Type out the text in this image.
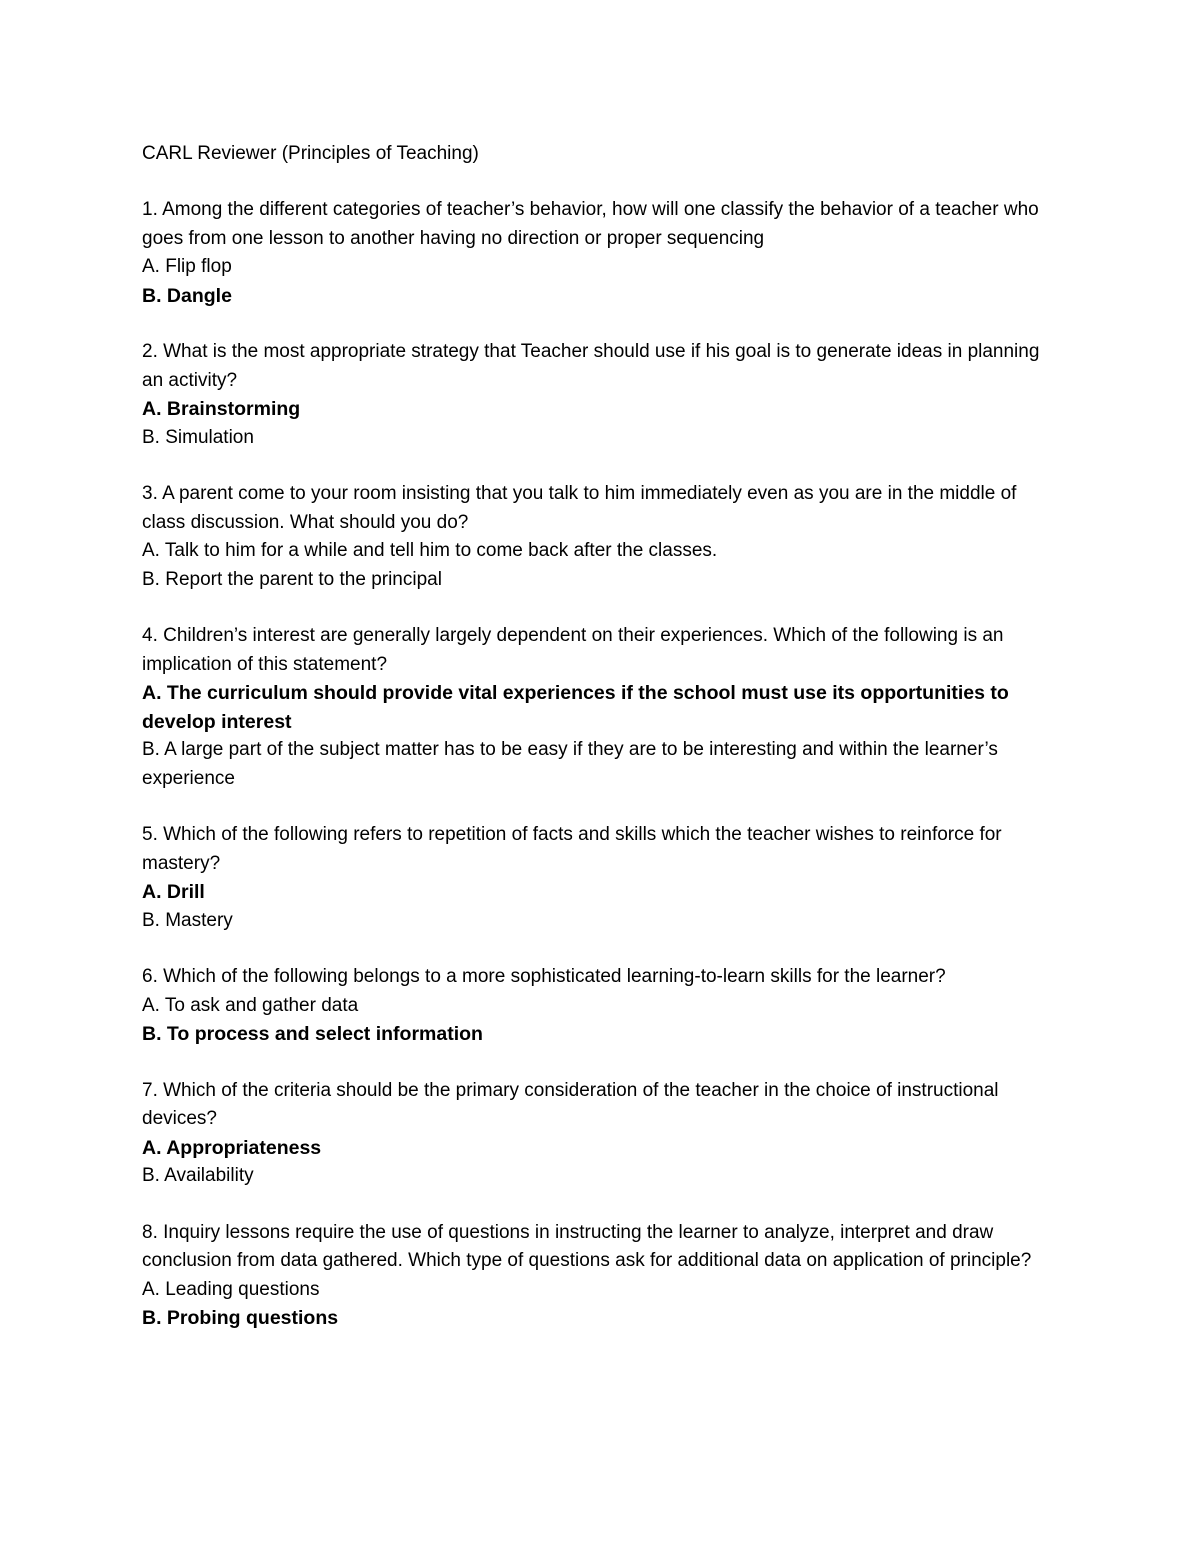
CARL Reviewer (Principles of Teaching)

1. Among the different categories of teacher’s behavior, how will one classify the behavior of a teacher who goes from one lesson to another having no direction or proper sequencing

A. Flip flop

B. Dangle

2. What is the most appropriate strategy that Teacher should use if his goal is to generate ideas in planning an activity?

A. Brainstorming

B. Simulation

3. A parent come to your room insisting that you talk to him immediately even as you are in the middle of class discussion. What should you do?

A. Talk to him for a while and tell him to come back after the classes.

B. Report the parent to the principal

4. Children’s interest are generally largely dependent on their experiences. Which of the following is an implication of this statement?

A. The curriculum should provide vital experiences if the school must use its opportunities to develop interest

B. A large part of the subject matter has to be easy if they are to be interesting and within the learner’s experience

5. Which of the following refers to repetition of facts and skills which the teacher wishes to reinforce for mastery?

A. Drill

B. Mastery

6. Which of the following belongs to a more sophisticated learning-to-learn skills for the learner?

A. To ask and gather data

B. To process and select information

7. Which of the criteria should be the primary consideration of the teacher in the choice of instructional devices?

A. Appropriateness

B. Availability

8. Inquiry lessons require the use of questions in instructing the learner to analyze, interpret and draw conclusion from data gathered. Which type of questions ask for additional data on application of principle?

A. Leading questions

B. Probing questions
